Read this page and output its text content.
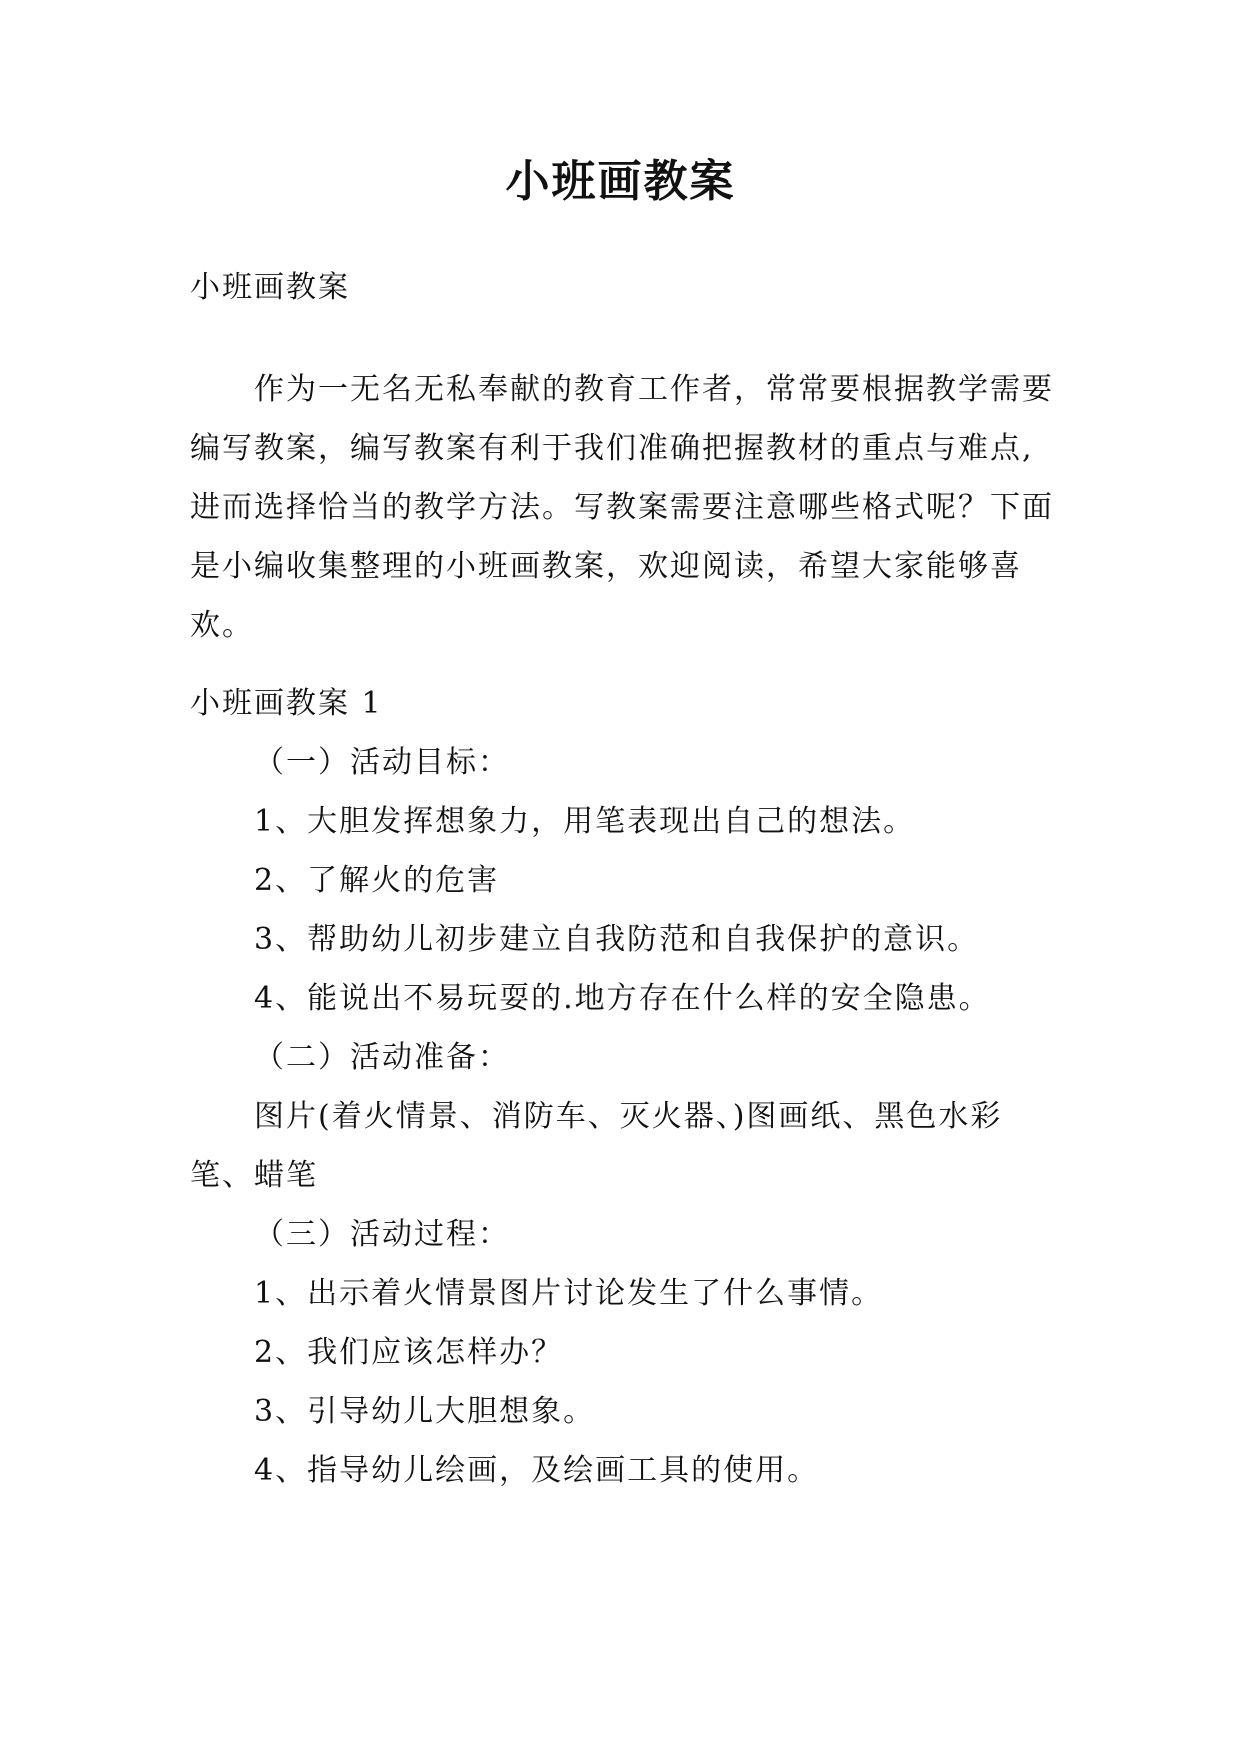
小班画教案

小班画教案

作为一无名无私奉献的教育工作者，常常要根据教学需要编写教案，编写教案有利于我们准确把握教材的重点与难点,进而选择恰当的教学方法。写教案需要注意哪些格式呢？下面是小编收集整理的小班画教案，欢迎阅读，希望大家能够喜欢。

小班画教案 1

（一）活动目标：

1、大胆发挥想象力，用笔表现出自己的想法。

2、了解火的危害

3、帮助幼儿初步建立自我防范和自我保护的意识。

4、能说出不易玩耍的.地方存在什么样的安全隐患。

（二）活动准备：

图片(着火情景、消防车、灭火器、)图画纸、黑色水彩笔、蜡笔

（三）活动过程：

1、出示着火情景图片讨论发生了什么事情。

2、我们应该怎样办？

3、引导幼儿大胆想象。

4、指导幼儿绘画，及绘画工具的使用。
